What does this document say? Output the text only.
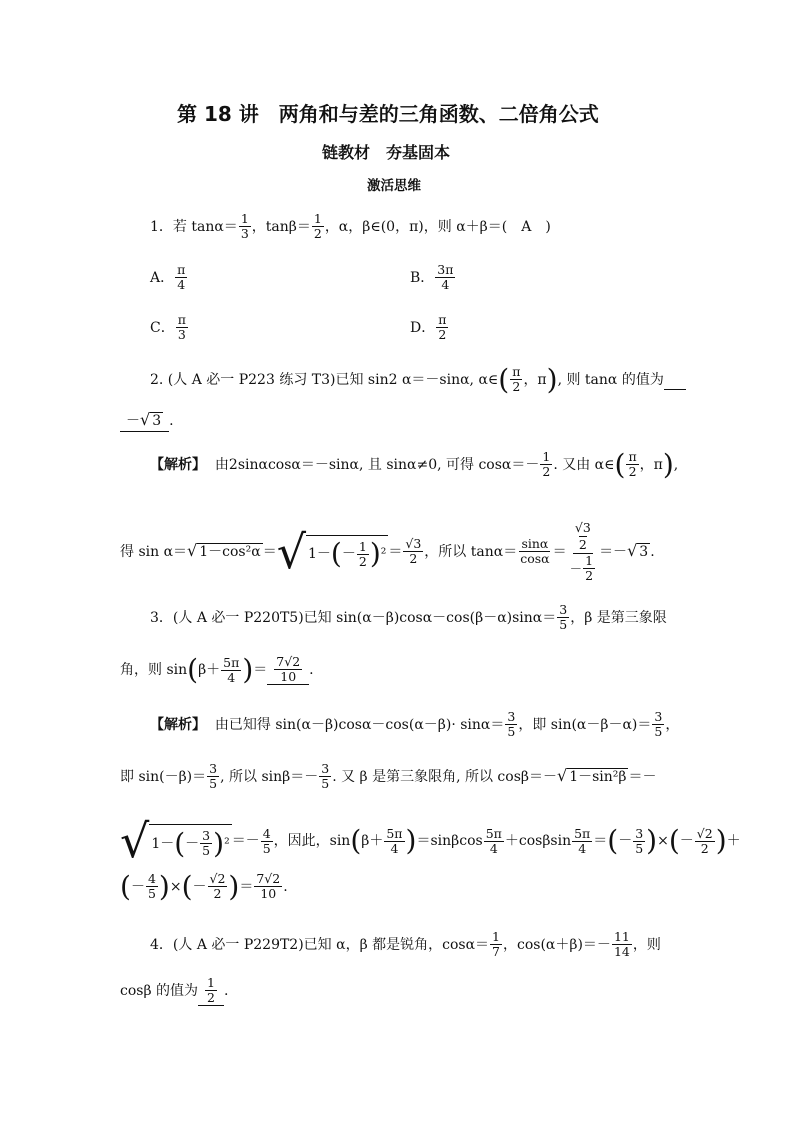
第 18 讲　两角和与差的三角函数、二倍角公式
链教材　夯基固本
激活思维
1．若 $\tan\alpha= \frac{1}{3}$ ，$\tan\beta= \frac{1}{2}$ ，α，β∈(0，π)，则 α＋β＝(　A　)
A． $\frac{\pi}{4}$	B． $\frac{3\pi}{4}$
C． $\frac{\pi}{3}$	D． $\frac{\pi}{2}$
2. (人 A 必一 P223 练习 T3)已知 sin2 α＝－sinα, α∈ ( $\frac{\pi}{2}$ ，π ) , 则 tanα 的值为

－√ 3 .
【解析】
由2sinαcosα＝－sinα, 且 sinα≠0, 可得 $\cos\alpha=- \frac{1}{2}$ . 又由 α∈ ( $\frac{\pi}{2}$ ，π ) ,
得 sin α＝ √ 1－cos²α ＝ √ 1－ ( － $\frac{1}{2}$ ) $^2 = \frac{√3}{2}$ ，所以 $\tan\alpha= \frac{\sin\alpha}{\cos\alpha} = √3$
2
－ $\frac{1}{2}$ ＝－ √ 3 .
3．(人 A 必一 P220T5)已知 $\sin(\alpha-\beta)\cos\alpha-\cos(\beta-\alpha)\sin\alpha= \frac{3}{5}$ ，β 是第三象限
角，则 sin ( $\beta+ \frac{5\pi}{4}$ ) ＝ $\frac{7√2}{10}$ .
【解析】
由已知得 $\sin(\alpha-\beta)\cos\alpha-\cos(\alpha-\beta)\cdot \sin\alpha= \frac{3}{5}$ ，即 $\sin(\alpha-\beta-\alpha)= \frac{3}{5}$ ，
即 $\sin(-\beta)= \frac{3}{5}$ , 所以 $\sin\beta=- \frac{3}{5}$ . 又 β 是第三象限角, 所以 cosβ＝－ √ 1－sin²β ＝－
√ 1－ ( － $\frac{3}{5}$ ) $^2 =- \frac{4}{5}$ ，因此，sin ( $\beta+ \frac{5\pi}{4}$ ) $=\sin\beta\cos \frac{5\pi}{4} +\cos\beta\sin \frac{5\pi}{4}$ ＝ ( － $\frac{3}{5}$ ) × ( － $\frac{√2}{2}$ ) ＋
( － $\frac{4}{5}$ ) × ( － $\frac{√2}{2}$ ) ＝ $\frac{7√2}{10}$ .
4．(人 A 必一 P229T2)已知 α，β 都是锐角，$\cos\alpha= \frac{1}{7}$ ，$\cos(\alpha+\beta)=- \frac{11}{14}$ ，则
cosβ 的值为 $\frac{1}{2}$ .
